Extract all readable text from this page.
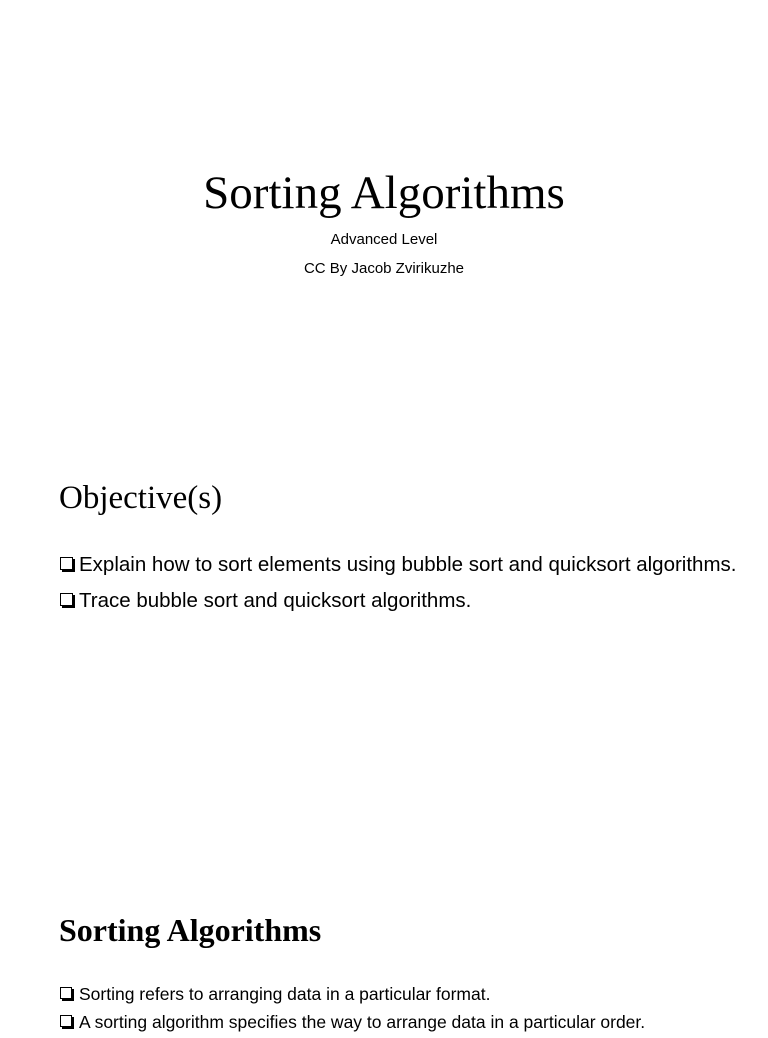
Sorting Algorithms
Advanced Level
CC By Jacob Zvirikuzhe
Objective(s)
Explain how to sort elements using bubble sort and quicksort algorithms.
Trace bubble sort and quicksort algorithms.
Sorting Algorithms
Sorting refers to arranging data in a particular format.
A sorting algorithm specifies the way to arrange data in a particular order.
